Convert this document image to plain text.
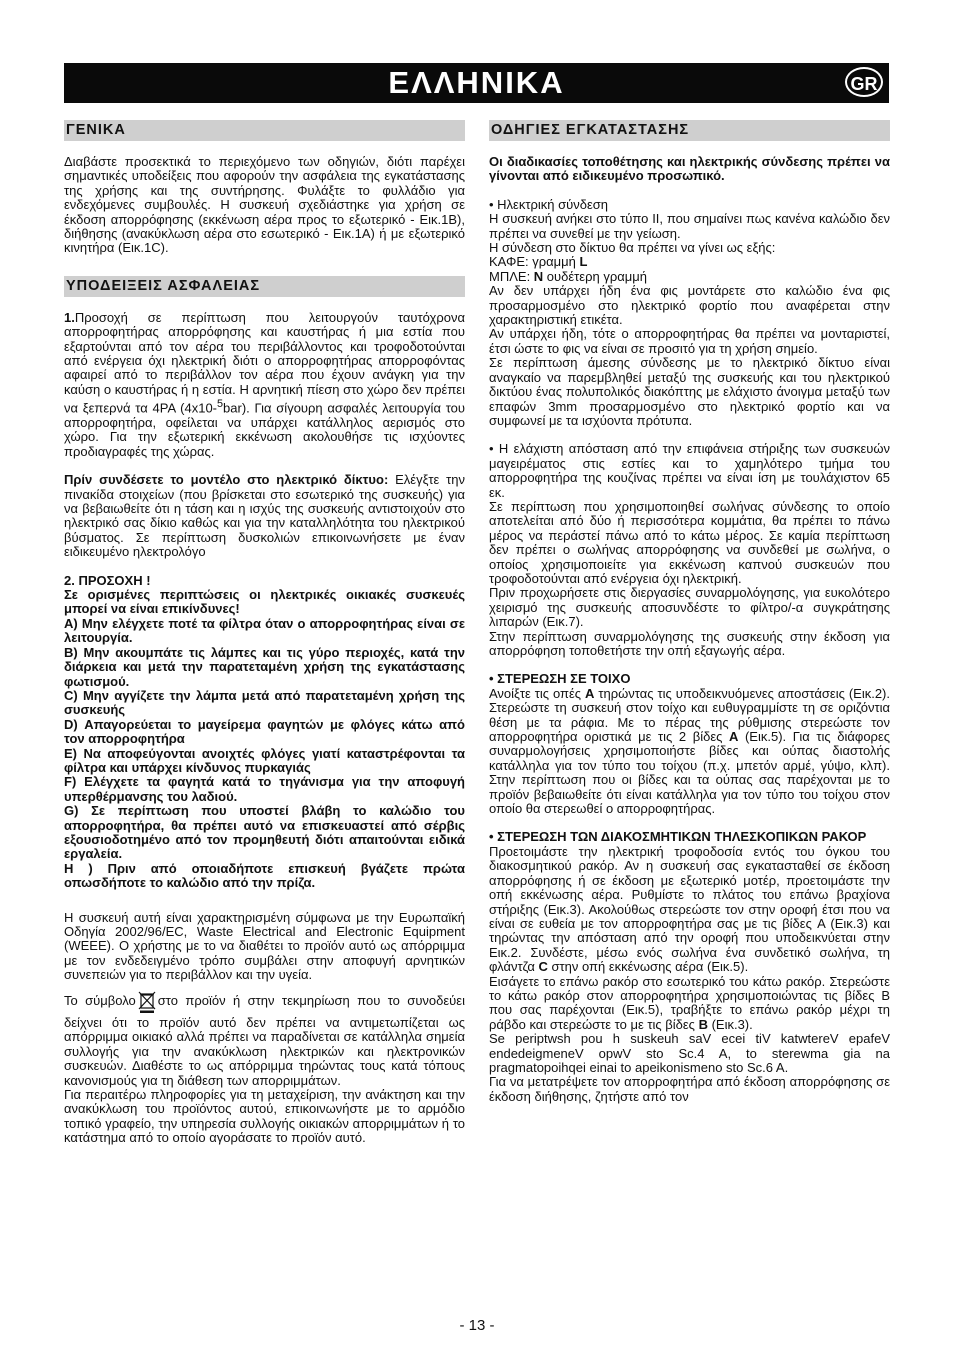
ΕΛΛΗΝΙΚΑ	GR
ΓΕΝΙΚΑ

Διαβάστε προσεκτικά το περιεχόμενο των οδηγιών, διότι παρέχει σημαντικές υποδείξεις που αφορούν την ασφάλεια της εγκατάστασης της χρήσης και της συντήρησης. Φυλάξτε το φυλλάδιο για ενδεχόμενες συμβουλές. Η συσκευή σχεδιάστηκε για χρήση σε έκδοση απορρόφησης (εκκένωση αέρα προς το εξωτερικό - Εικ.1B), διήθησης (ανακύκλωση αέρα στο εσωτερικό - Εικ.1A) ή με εξωτερικό κινητήρα (Εικ.1C).

ΥΠΟΔΕΙΞΕΙΣ ΑΣΦΑΛΕΙΑΣ

1.Προσοχή σε περίπτωση που λειτουργούν ταυτόχρονα απορροφητήρας απορρόφησης και καυστήρας ή μια εστία που εξαρτούνται από τον αέρα του περιβάλλοντος και τροφοδοτούνται από ενέργεια όχι ηλεκτρική διότι ο απορροφητήρας απορροφόντας αφαιρεί από το περιβάλλον τον αέρα που έχουν ανάγκη για την καύση ο καυστήρας ή η εστία. Η αρνητική πίεση στο χώρο δεν πρέπει να ξεπερνά τα 4PA (4x10-$^5$bar). Για σίγουρη ασφαλές λειτουργία του απορροφητήρα, οφείλεται να υπάρχει κατάλληλος αερισμός στο χώρο. Για την εξωτερική εκκένωση ακολουθήσε τις ισχύοντες προδιαγραφές της χώρας.

Πρίν συνδέσετε το μοντέλο στο ηλεκτρικό δίκτυο: Ελέγξτε την πινακίδα στοιχείων (που βρίσκεται στο εσωτερικό της συσκευής) για να βεβαιωθείτε ότι η τάση και η ισχύς της συσκευής αντιστοιχούν στο ηλεκτρικό σας δίκιο καθώς και για την καταλληλότητα του ηλεκτρικού βύσματος. Σε περίπτωση δυσκολιών επικοινωνήσετε με έναν ειδικευμένο ηλεκτρολόγο

2. ΠΡΟΣΟΧΗ !

Σε ορισμένες περιπτώσεις οι ηλεκτρικές οικιακές συσκευές μπορεί να είναι επικίνδυνες!

A) Μην ελέγχετε ποτέ τα φίλτρα όταν ο απορροφητήρας είναι σε λειτουργία.

B) Μην ακουμπάτε τις λάμπες και τις γύρο περιοχές, κατά την διάρκεια και μετά την παρατεταμένη χρήση της εγκατάστασης φωτισμού.

C) Μην αγγίζετε την λάμπα μετά από παρατεταμένη χρήση της συσκευής

D) Απαγορεύεται το μαγείρεμα φαγητών με φλόγες κάτω από τον απορροφητήρα

E) Να αποφεύγονται ανοιχτές φλόγες γιατί καταστρέφονται τα φίλτρα και υπάρχει κίνδυνος πυρκαγιάς

F) Ελέγχετε τα φαγητά κατά το τηγάνισμα για την αποφυγή υπερθέρμανσης του λαδιού.

G) Σε περίπτωση που υποστεί βλάβη το καλώδιο του απορροφητήρα, θα πρέπει αυτό να επισκευαστεί από σέρβις εξουσιοδοτημένο από τον προμηθευτή διότι απαιτούνται ειδικά εργαλεία.

H ) Πριν από οποιαδήποτε επισκευή βγάζετε πρώτα οπωσδήποτε το καλώδιο από την πρίζα.

Η συσκευή αυτή είναι χαρακτηρισμένη σύμφωνα με την Ευρωπαϊκή Οδηγία 2002/96/EC, Waste Electrical and Electronic Equipment (WEEE). Ο χρήστης με το να διαθέτει το προϊόν αυτό ως απόρριμμα με τον ενδεδειγμένο τρόπο συμβάλει στην αποφυγή αρνητικών συνεπειών για το περιβάλλον και την υγεία.

Το σύμβολο στο προϊόν ή στην τεκμηρίωση που το συνοδεύει δείχνει ότι το προϊόν αυτό δεν πρέπει να αντιμετωπίζεται ως απόρριμμα οικιακό αλλά πρέπει να παραδίνεται σε κατάλληλα σημεία συλλογής για την ανακύκλωση ηλεκτρικών και ηλεκτρονικών συσκευών. Διαθέστε το ως απόρριμμα τηρώντας τους κατά τόπους κανονισμούς για τη διάθεση των απορριμμάτων.

Για περαιτέρω πληροφορίες για τη μεταχείριση, την ανάκτηση και την ανακύκλωση του προϊόντος αυτού, επικοινωνήστε με το αρμόδιο τοπικό γραφείο, την υπηρεσία συλλογής οικιακών απορριμμάτων ή το κατάστημα από το οποίο αγοράσατε το προϊόν αυτό.

ΟΔΗΓΙΕΣ ΕΓΚΑΤΑΣΤΑΣΗΣ

Οι διαδικασίες τοποθέτησης και ηλεκτρικής σύνδεσης πρέπει να γίνονται από ειδικευμένο προσωπικό.

• Ηλεκτρική σύνδεση

Η συσκευή ανήκει στο τύπο II, που σημαίνει πως κανένα καλώδιο δεν πρέπει να συνεθεί με την γείωση.

Η σύνδεση στο δίκτυο θα πρέπει να γίνει ως εξής:

ΚΑΦΕ: γραμμή L

ΜΠΛΕ: N ουδέτερη γραμμή

Αν δεν υπάρχει ήδη ένα φις μοντάρετε στο καλώδιο ένα φις προσαρμοσμένο στο ηλεκτρικό φορτίο που αναφέρεται στην χαρακτηριστική ετικέτα.

Αν υπάρχει ήδη, τότε ο απορροφητήρας θα πρέπει να μονταριστεί, έτσι ώστε το φις να είναι σε προσιτό για τη χρήση σημείο.

Σε περίπτωση άμεσης σύνδεσης με το ηλεκτρικό δίκτυο είναι αναγκαίο να παρεμβληθεί μεταξύ της συσκευής και του ηλεκτρικού δικτύου ένας πολυπολικός διακόπτης με ελάχιστο άνοιγμα μεταξύ των επαφών 3mm προσαρμοσμένο στο ηλεκτρικό φορτίο και να συμφωνεί με τα ισχύοντα πρότυπα.

• Η ελάχιστη απόσταση από την επιφάνεια στήριξης των συσκευών μαγειρέματος στις εστίες και το χαμηλότερο τμήμα του απορροφητήρα της κουζίνας πρέπει να είναι ίση με τουλάχιστον 65 εκ.

Σε περίπτωση που χρησιμοποιηθεί σωλήνας σύνδεσης το οποίο αποτελείται από δύο ή περισσότερα κομμάτια, θα πρέπει το πάνω μέρος να περάστεί πάνω από το κάτω μέρος. Σε καμία περίπτωση δεν πρέπει ο σωλήνας απορρόφησης να συνδεθεί με σωλήνα, ο οποίος χρησιμοποιείτε για εκκένωση καπνού συσκευών που τροφοδοτούνται από ενέργεια όχι ηλεκτρική.

Πριν προχωρήσετε στις διεργασίες συναρμολόγησης, για ευκολότερο χειρισμό της συσκευής αποσυνδέστε το φίλτρο/-α συγκράτησης λιπαρών (Εικ.7).

Στην περίπτωση συναρμολόγησης της συσκευής στην έκδοση για απορρόφηση τοποθετήστε την οπή εξαγωγής αέρα.

• ΣΤΕΡΕΩΣΗ ΣΕ ΤΟΙΧΟ

Ανοίξτε τις οπές A τηρώντας τις υποδεικνυόμενες αποστάσεις (Εικ.2). Στερεώστε τη συσκευή στον τοίχο και ευθυγραμμίστε τη σε οριζόντια θέση με τα ράφια. Με το πέρας της ρύθμισης στερεώστε τον απορροφητήρα οριστικά με τις 2 βίδες A (Εικ.5). Για τις διάφορες συναρμολογήσεις χρησιμοποιήστε βίδες και ούπας διαστολής κατάλληλα για τον τύπο του τοίχου (π.χ. μπετόν αρμέ, γύψο, κλπ). Στην περίπτωση που οι βίδες και τα ούπας σας παρέχονται με το προϊόν βεβαιωθείτε ότι είναι κατάλληλα για τον τύπο του τοίχου στον οποίο θα στερεωθεί ο απορροφητήρας.

• ΣΤΕΡΕΩΣΗ ΤΩΝ ΔΙΑΚΟΣΜΗΤΙΚΩΝ ΤΗΛΕΣΚΟΠΙΚΩΝ ΡΑΚΟΡ

Προετοιμάστε την ηλεκτρική τροφοδοσία εντός του όγκου του διακοσμητικού ρακόρ. Αν η συσκευή σας εγκατασταθεί σε έκδοση απορρόφησης ή σε έκδοση με εξωτερικό μοτέρ, προετοιμάστε την οπή εκκένωσης αέρα. Ρυθμίστε το πλάτος του επάνω βραχίονα στήριξης (Εικ.3). Ακολούθως στερεώστε τον στην οροφή έτσι που να είναι σε ευθεία με τον απορροφητήρα σας με τις βίδες A (Εικ.3) και τηρώντας την απόσταση από την οροφή που υποδεικνύεται στην Εικ.2. Συνδέστε, μέσω ενός σωλήνα ένα συνδετικό σωλήνα, τη φλάντζα C στην οπή εκκένωσης αέρα (Εικ.5).

Εισάγετε το επάνω ρακόρ στο εσωτερικό του κάτω ρακόρ. Στερεώστε το κάτω ρακόρ στον απορροφητήρα χρησιμοποιώντας τις βίδες B που σας παρέχονται (Εικ.5), τραβήξτε το επάνω ρακόρ μέχρι τη ράβδο και στερεώστε το με τις βίδες B (Εικ.3).

Se periptwsh pou h suskeuh saV ecei tiV katwtereV epafeV endedeigmeneV opwV sto Sc.4 A, to sterewma gia na pragmatopoihqei einai to apeikonismeno sto Sc.6 A.

Για να μετατρέψετε τον απορροφητήρα από έκδοση απορρόφησης σε έκδοση διήθησης, ζητήστε από τον

- 13 -
